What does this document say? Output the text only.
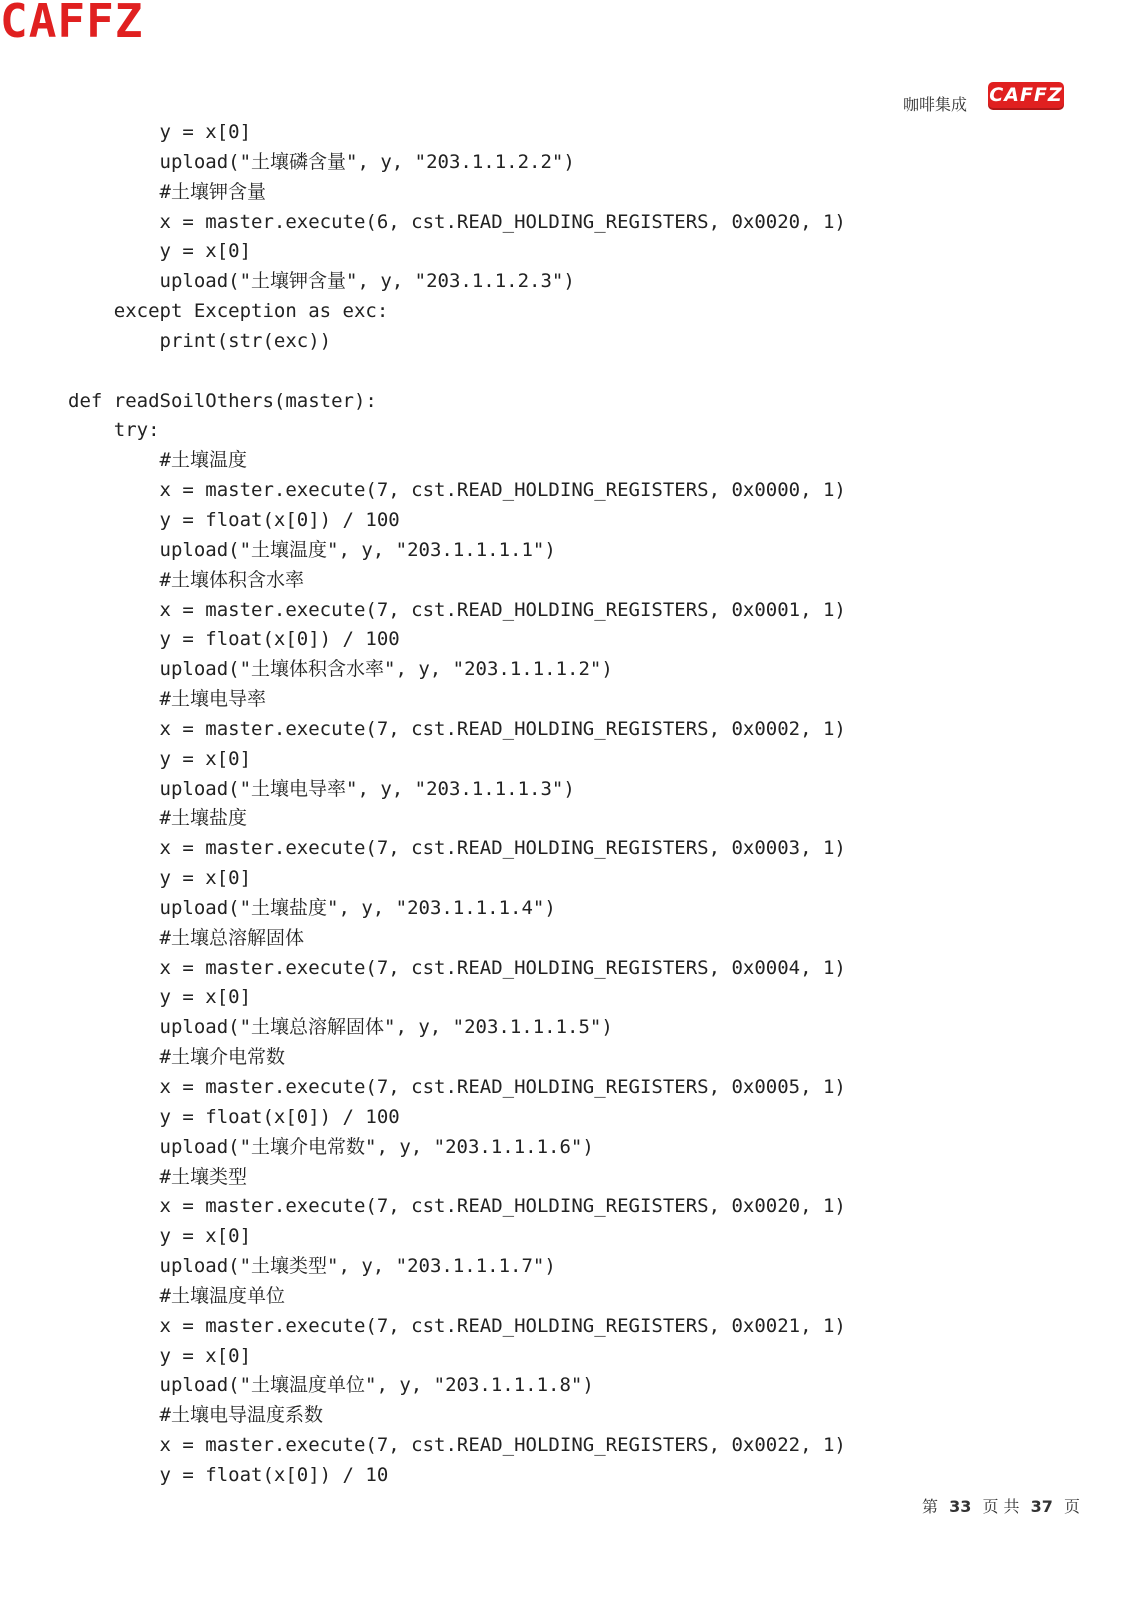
CAFFZ
咖啡集成 CAFFZ
y = x[0]
upload("土壤磷含量", y, "203.1.1.2.2")
#土壤钾含量
x = master.execute(6, cst.READ_HOLDING_REGISTERS, 0x0020, 1)
y = x[0]
upload("土壤钾含量", y, "203.1.1.2.3")
except Exception as exc:
print(str(exc))
def readSoilOthers(master):
try:
#土壤温度
x = master.execute(7, cst.READ_HOLDING_REGISTERS, 0x0000, 1)
y = float(x[0]) / 100
upload("土壤温度", y, "203.1.1.1.1")
#土壤体积含水率
x = master.execute(7, cst.READ_HOLDING_REGISTERS, 0x0001, 1)
y = float(x[0]) / 100
upload("土壤体积含水率", y, "203.1.1.1.2")
#土壤电导率
x = master.execute(7, cst.READ_HOLDING_REGISTERS, 0x0002, 1)
y = x[0]
upload("土壤电导率", y, "203.1.1.1.3")
#土壤盐度
x = master.execute(7, cst.READ_HOLDING_REGISTERS, 0x0003, 1)
y = x[0]
upload("土壤盐度", y, "203.1.1.1.4")
#土壤总溶解固体
x = master.execute(7, cst.READ_HOLDING_REGISTERS, 0x0004, 1)
y = x[0]
upload("土壤总溶解固体", y, "203.1.1.1.5")
#土壤介电常数
x = master.execute(7, cst.READ_HOLDING_REGISTERS, 0x0005, 1)
y = float(x[0]) / 100
upload("土壤介电常数", y, "203.1.1.1.6")
#土壤类型
x = master.execute(7, cst.READ_HOLDING_REGISTERS, 0x0020, 1)
y = x[0]
upload("土壤类型", y, "203.1.1.1.7")
#土壤温度单位
x = master.execute(7, cst.READ_HOLDING_REGISTERS, 0x0021, 1)
y = x[0]
upload("土壤温度单位", y, "203.1.1.1.8")
#土壤电导温度系数
x = master.execute(7, cst.READ_HOLDING_REGISTERS, 0x0022, 1)
y = float(x[0]) / 10
第 33 页 共 37 页
